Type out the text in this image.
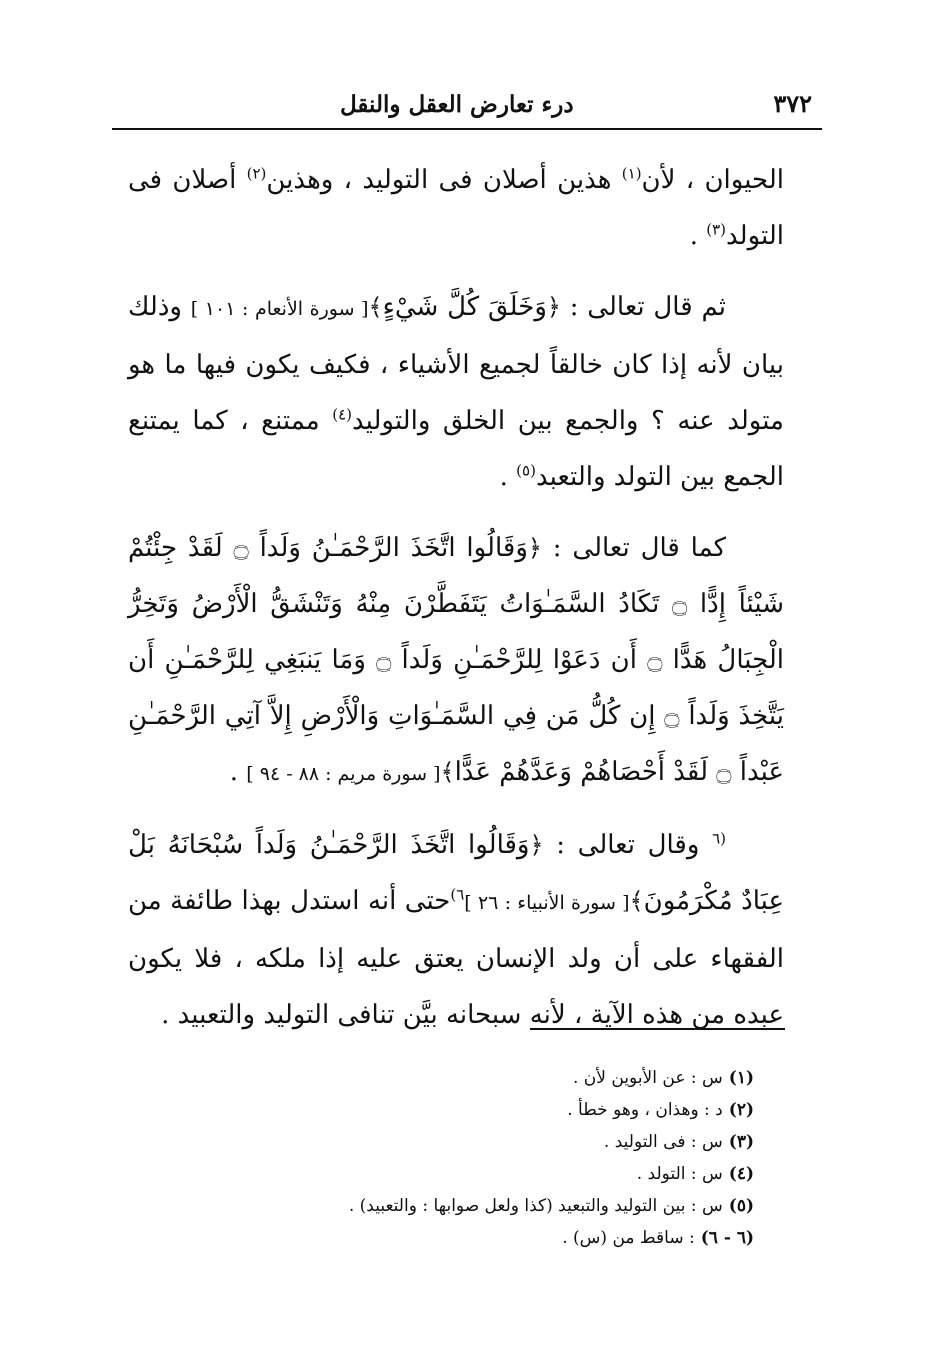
٣٧٢
درء تعارض العقل والنقل

الحيوان ، لأن$^{(١)}$ هذين أصلان فى التوليد ، وهذين$^{(٢)}$ أصلان فى التولد$^{(٣)}$ .

ثم قال تعالى : ﴿وَخَلَقَ كُلَّ شَيْءٍ﴾[ سورة الأنعام : ١٠١ ] وذلك بيان لأنه إذا كان خالقاً لجميع الأشياء ، فكيف يكون فيها ما هو متولد عنه ؟ والجمع بين الخلق والتوليد$^{(٤)}$ ممتنع ، كما يمتنع الجمع بين التولد والتعبد$^{(٥)}$ .

كما قال تعالى : ﴿وَقَالُوا اتَّخَذَ الرَّحْمَـٰنُ وَلَداً ۝ لَقَدْ جِئْتُمْ شَيْئاً إِدًّا ۝ تَكَادُ السَّمَـٰوَاتُ يَتَفَطَّرْنَ مِنْهُ وَتَنْشَقُّ الْأَرْضُ وَتَخِرُّ الْجِبَالُ هَدًّا ۝ أَن دَعَوْا لِلرَّحْمَـٰنِ وَلَداً ۝ وَمَا يَنبَغِي لِلرَّحْمَـٰنِ أَن يَتَّخِذَ وَلَداً ۝ إِن كُلُّ مَن فِي السَّمَـٰوَاتِ وَالْأَرْضِ إِلاَّ آتِي الرَّحْمَـٰنِ عَبْداً ۝ لَقَدْ أَحْصَاهُمْ وَعَدَّهُمْ عَدًّا﴾[ سورة مريم : ٨٨ - ٩٤ ] .

$^{(٦}$ وقال تعالى : ﴿وَقَالُوا اتَّخَذَ الرَّحْمَـٰنُ وَلَداً سُبْحَانَهُ بَلْ عِبَادٌ مُكْرَمُونَ﴾[ سورة الأنبياء : ٢٦ ]$^{٦)}$حتى أنه استدل بهذا طائفة من الفقهاء على أن ولد الإنسان يعتق عليه إذا ملكه ، فلا يكون عبده من هذه الآية ، لأنه سبحانه بيَّن تنافى التوليد والتعبيد .

(١)س : عن الأبوين لأن .
(٢)د : وهذان ، وهو خطأ .
(٣)س : فى التوليد .
(٤)س : التولد .
(٥)س : بين التوليد والتبعيد (كذا ولعل صوابها : والتعبيد) .
(٦ - ٦): ساقط من (س) .
